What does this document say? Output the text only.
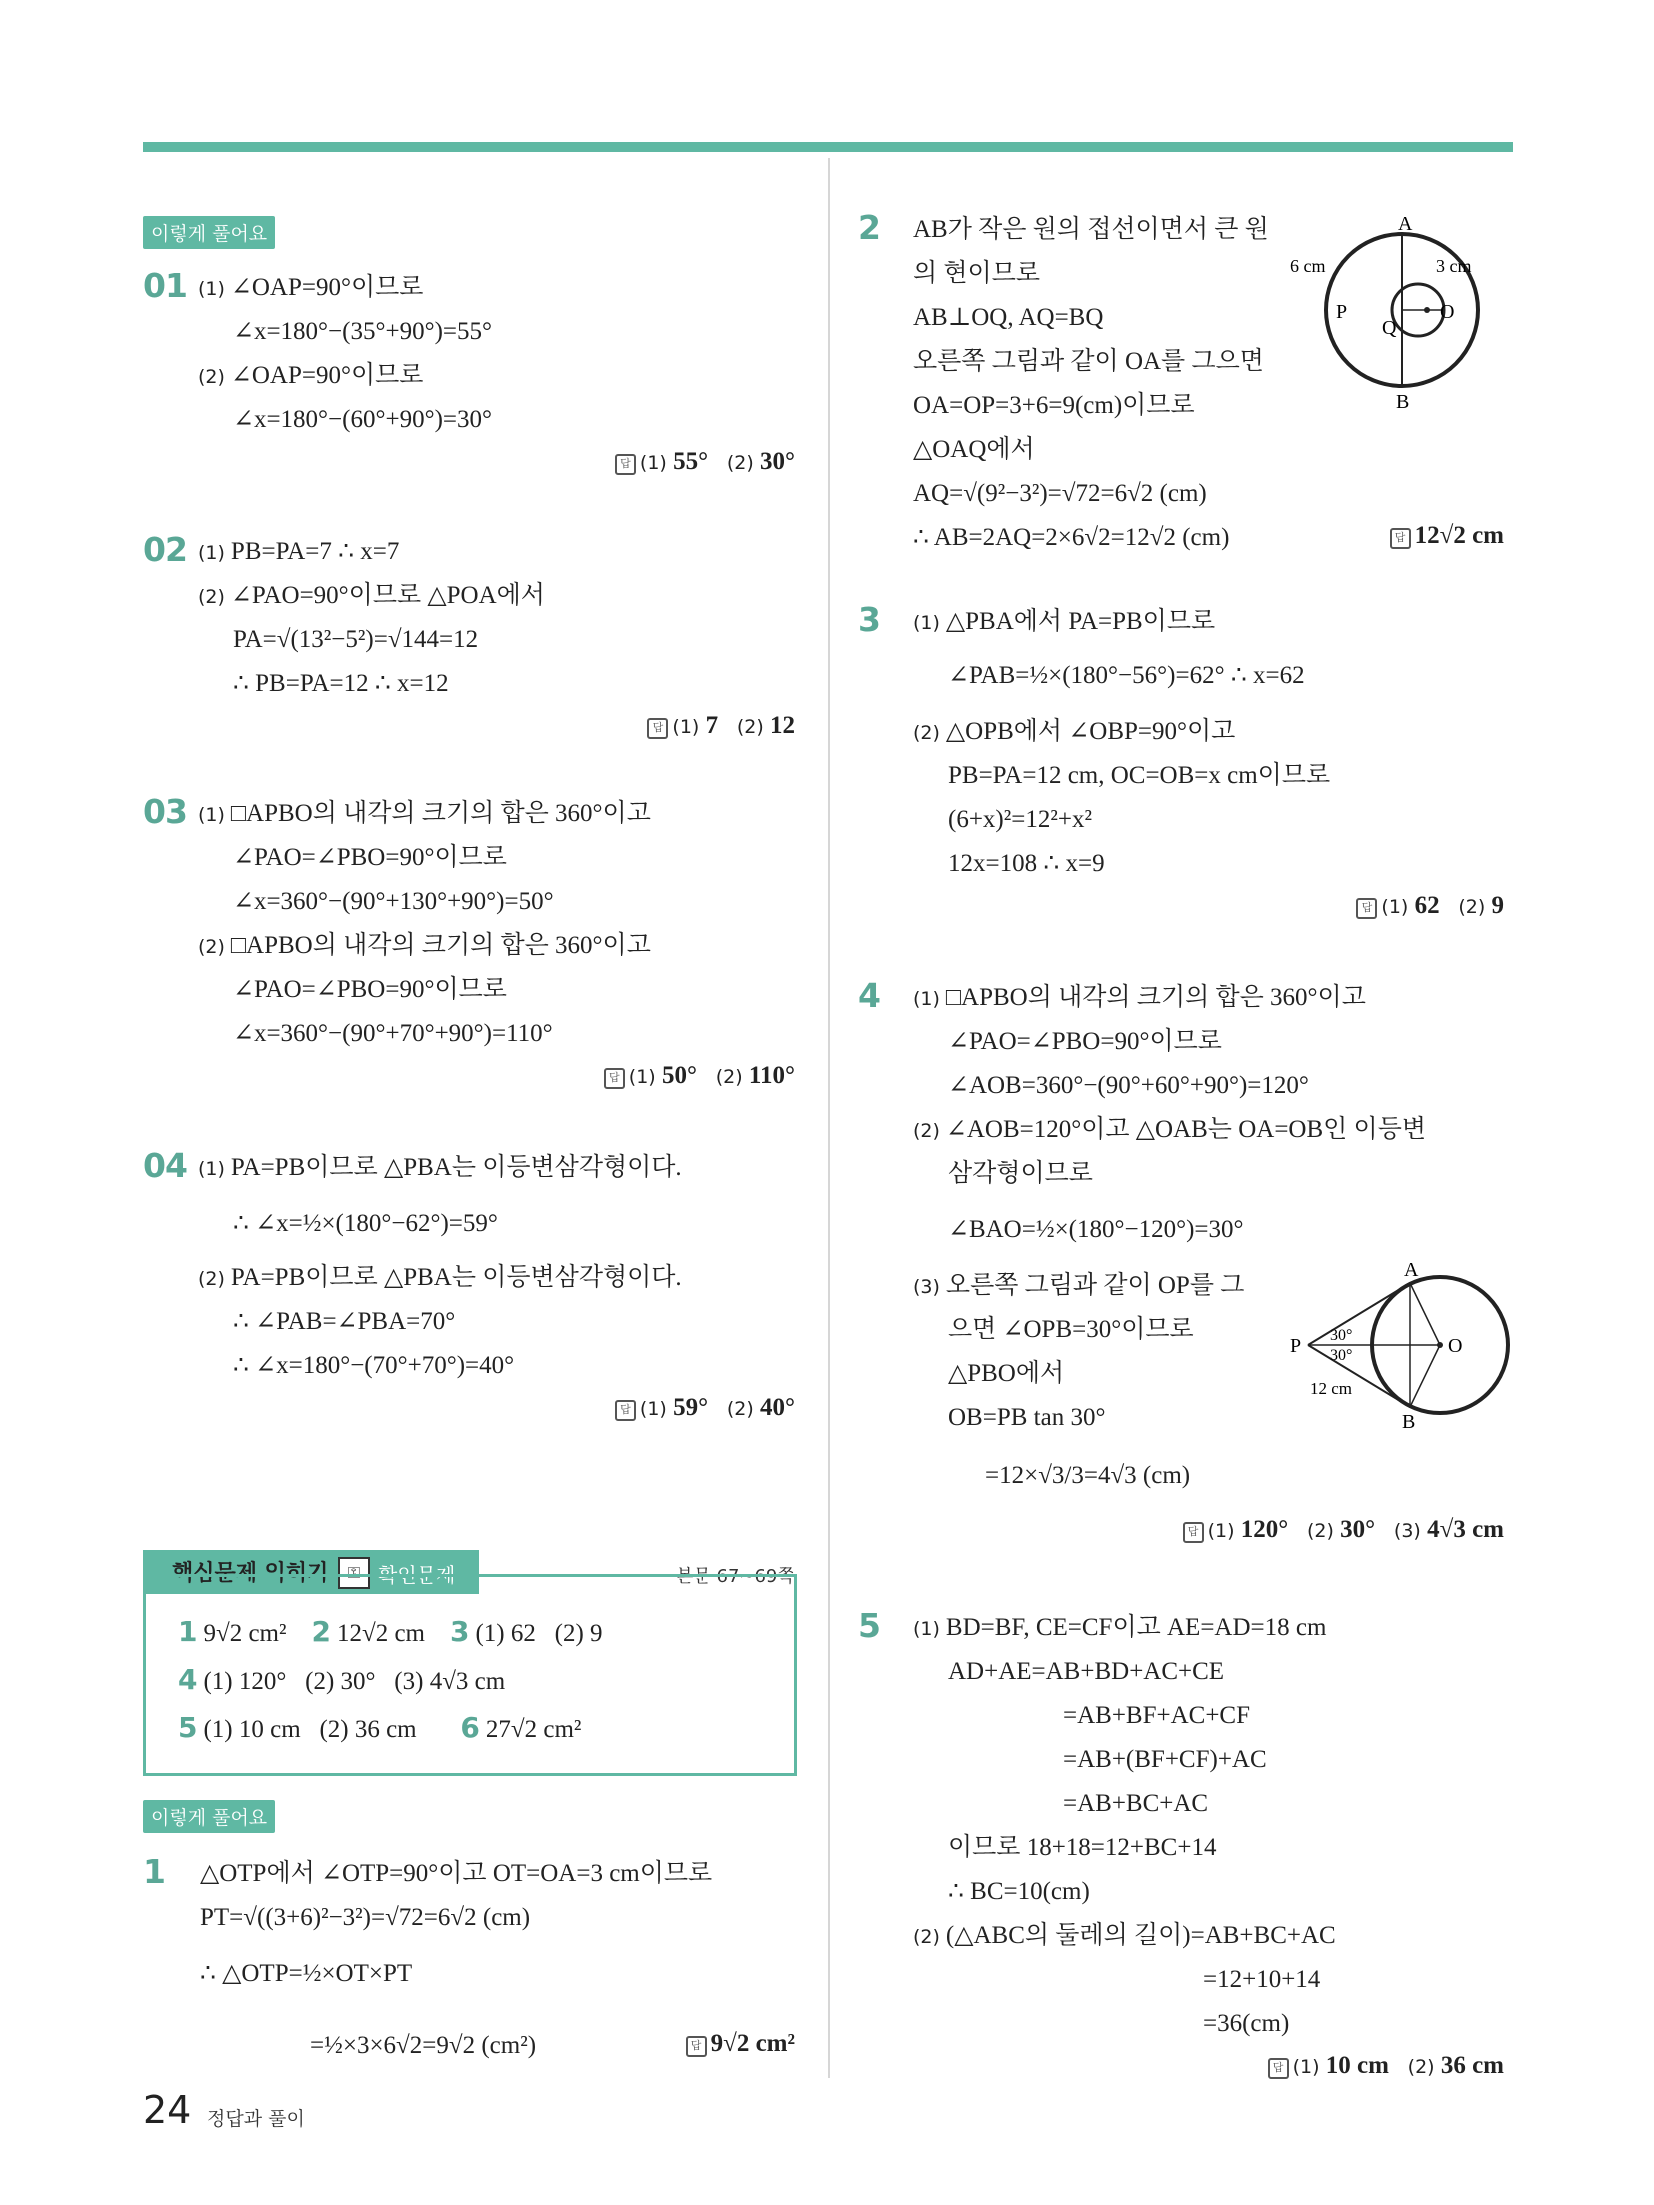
이렇게 풀어요
01 (1) ∠OAP=90°이므로
∠x=180°−(35°+90°)=55°
(2) ∠OAP=90°이므로
∠x=180°−(60°+90°)=30°
답 (1) 55° (2) 30°
02 (1) PB=PA=7 ∴ x=7
(2) ∠PAO=90°이므로 △POA에서
PA=√(13²−5²)=√144=12
∴ PB=PA=12 ∴ x=12
답 (1) 7 (2) 12
03 (1) □APBO의 내각의 크기의 합은 360°이고
∠PAO=∠PBO=90°이므로
∠x=360°−(90°+130°+90°)=50°
(2) □APBO의 내각의 크기의 합은 360°이고
∠PAO=∠PBO=90°이므로
∠x=360°−(90°+70°+90°)=110°
답 (1) 50° (2) 110°
04 (1) PA=PB이므로 △PBA는 이등변삼각형이다.
∴ ∠x=½×(180°−62°)=59°
(2) PA=PB이므로 △PBA는 이등변삼각형이다.
∴ ∠PAB=∠PBA=70°
∴ ∠x=180°−(70°+70°)=40°
답 (1) 59° (2) 40°
핵심문제 익히기	⚿ 확인문제	본문 67~69쪽
1 9√2 cm² 2 12√2 cm 3 (1) 62 (2) 9
4 (1) 120° (2) 30° (3) 4√3 cm
5 (1) 10 cm (2) 36 cm 6 27√2 cm²
이렇게 풀어요
1 △OTP에서 ∠OTP=90°이고 OT=OA=3 cm이므로
PT=√((3+6)²−3²)=√72=6√2 (cm)
∴ △OTP=½×OT×PT
=½×3×6√2=9√2 (cm²)	답 9√2 cm²
2 AB가 작은 원의 접선이면서 큰 원
의 현이므로
AB⊥OQ, AQ=BQ
오른쪽 그림과 같이 OA를 그으면
OA=OP=3+6=9(cm)이므로
△OAQ에서
AQ=√(9²−3²)=√72=6√2 (cm)
∴ AB=2AQ=2×6√2=12√2 (cm)	답 12√2 cm
A
B
P
Q
O
6 cm	3 cm
3 (1) △PBA에서 PA=PB이므로
∠PAB=½×(180°−56°)=62° ∴ x=62
(2) △OPB에서 ∠OBP=90°이고
PB=PA=12 cm, OC=OB=x cm이므로
(6+x)²=12²+x²
12x=108 ∴ x=9
답 (1) 62 (2) 9
4 (1) □APBO의 내각의 크기의 합은 360°이고
∠PAO=∠PBO=90°이므로
∠AOB=360°−(90°+60°+90°)=120°
(2) ∠AOB=120°이고 △OAB는 OA=OB인 이등변
삼각형이므로
∠BAO=½×(180°−120°)=30°
(3) 오른쪽 그림과 같이 OP를 그
으면 ∠OPB=30°이므로
△PBO에서
OB=PB tan 30°
=12×√3/3=4√3 (cm)
답 (1) 120° (2) 30° (3) 4√3 cm
A
B
P	O
30°
30°
12 cm
5 (1) BD=BF, CE=CF이고 AE=AD=18 cm
AD+AE=AB+BD+AC+CE
=AB+BF+AC+CF
=AB+(BF+CF)+AC
=AB+BC+AC
이므로 18+18=12+BC+14
∴ BC=10(cm)
(2) (△ABC의 둘레의 길이)=AB+BC+AC
=12+10+14
=36(cm)
답 (1) 10 cm (2) 36 cm
24 정답과 풀이
